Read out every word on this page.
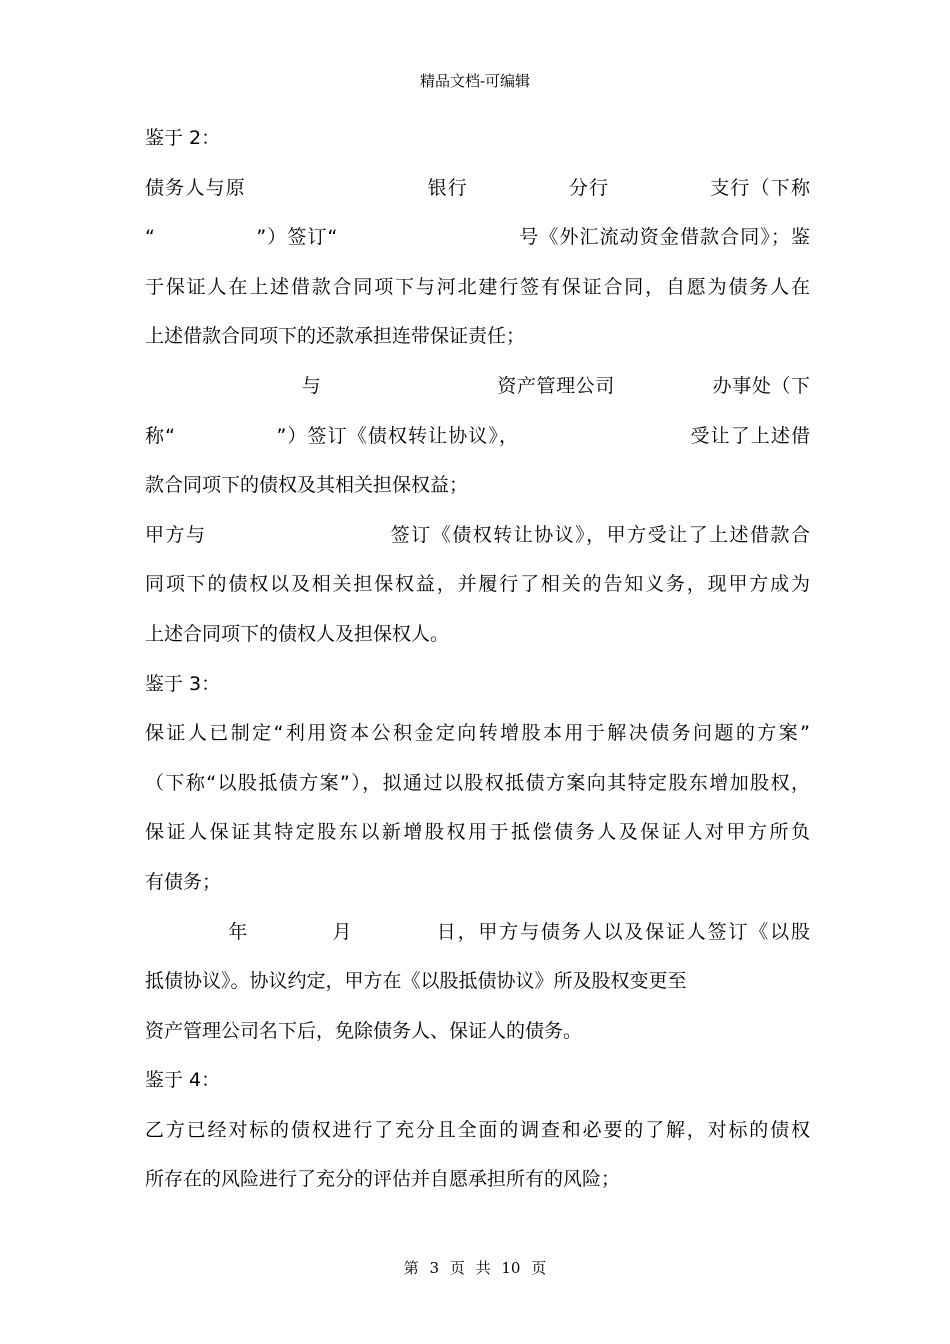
精品文档-可编辑
鉴于 2：
债务人与原　　　　　　　　　银行　　　　　分行　　　　　支行（下称
“　　　　　”）签订“　　　　　　　　　号《外汇流动资金借款合同》；鉴
于保证人在上述借款合同项下与河北建行签有保证合同，自愿为债务人在
上述借款合同项下的还款承担连带保证责任；
　　　　　　　　与　　　　　　　　　资产管理公司　　　　　办事处（下
称“　　　　　”）签订《债权转让协议》，　　　　　　　　　受让了上述借
款合同项下的债权及其相关担保权益；
甲方与　　　　　　　　　签订《债权转让协议》，甲方受让了上述借款合
同项下的债权以及相关担保权益，并履行了相关的告知义务，现甲方成为
上述合同项下的债权人及担保权人。
鉴于 3：
保证人已制定“利用资本公积金定向转增股本用于解决债务问题的方案”
（下称“以股抵债方案”），拟通过以股权抵债方案向其特定股东增加股权，
保证人保证其特定股东以新增股权用于抵偿债务人及保证人对甲方所负
有债务；
　　　　年　　　　月　　　　日，甲方与债务人以及保证人签订《以股
抵债协议》。协议约定，甲方在《以股抵债协议》所及股权变更至
资产管理公司名下后，免除债务人、保证人的债务。
鉴于 4：
乙方已经对标的债权进行了充分且全面的调查和必要的了解，对标的债权
所存在的风险进行了充分的评估并自愿承担所有的风险；
第 3 页 共 10 页
